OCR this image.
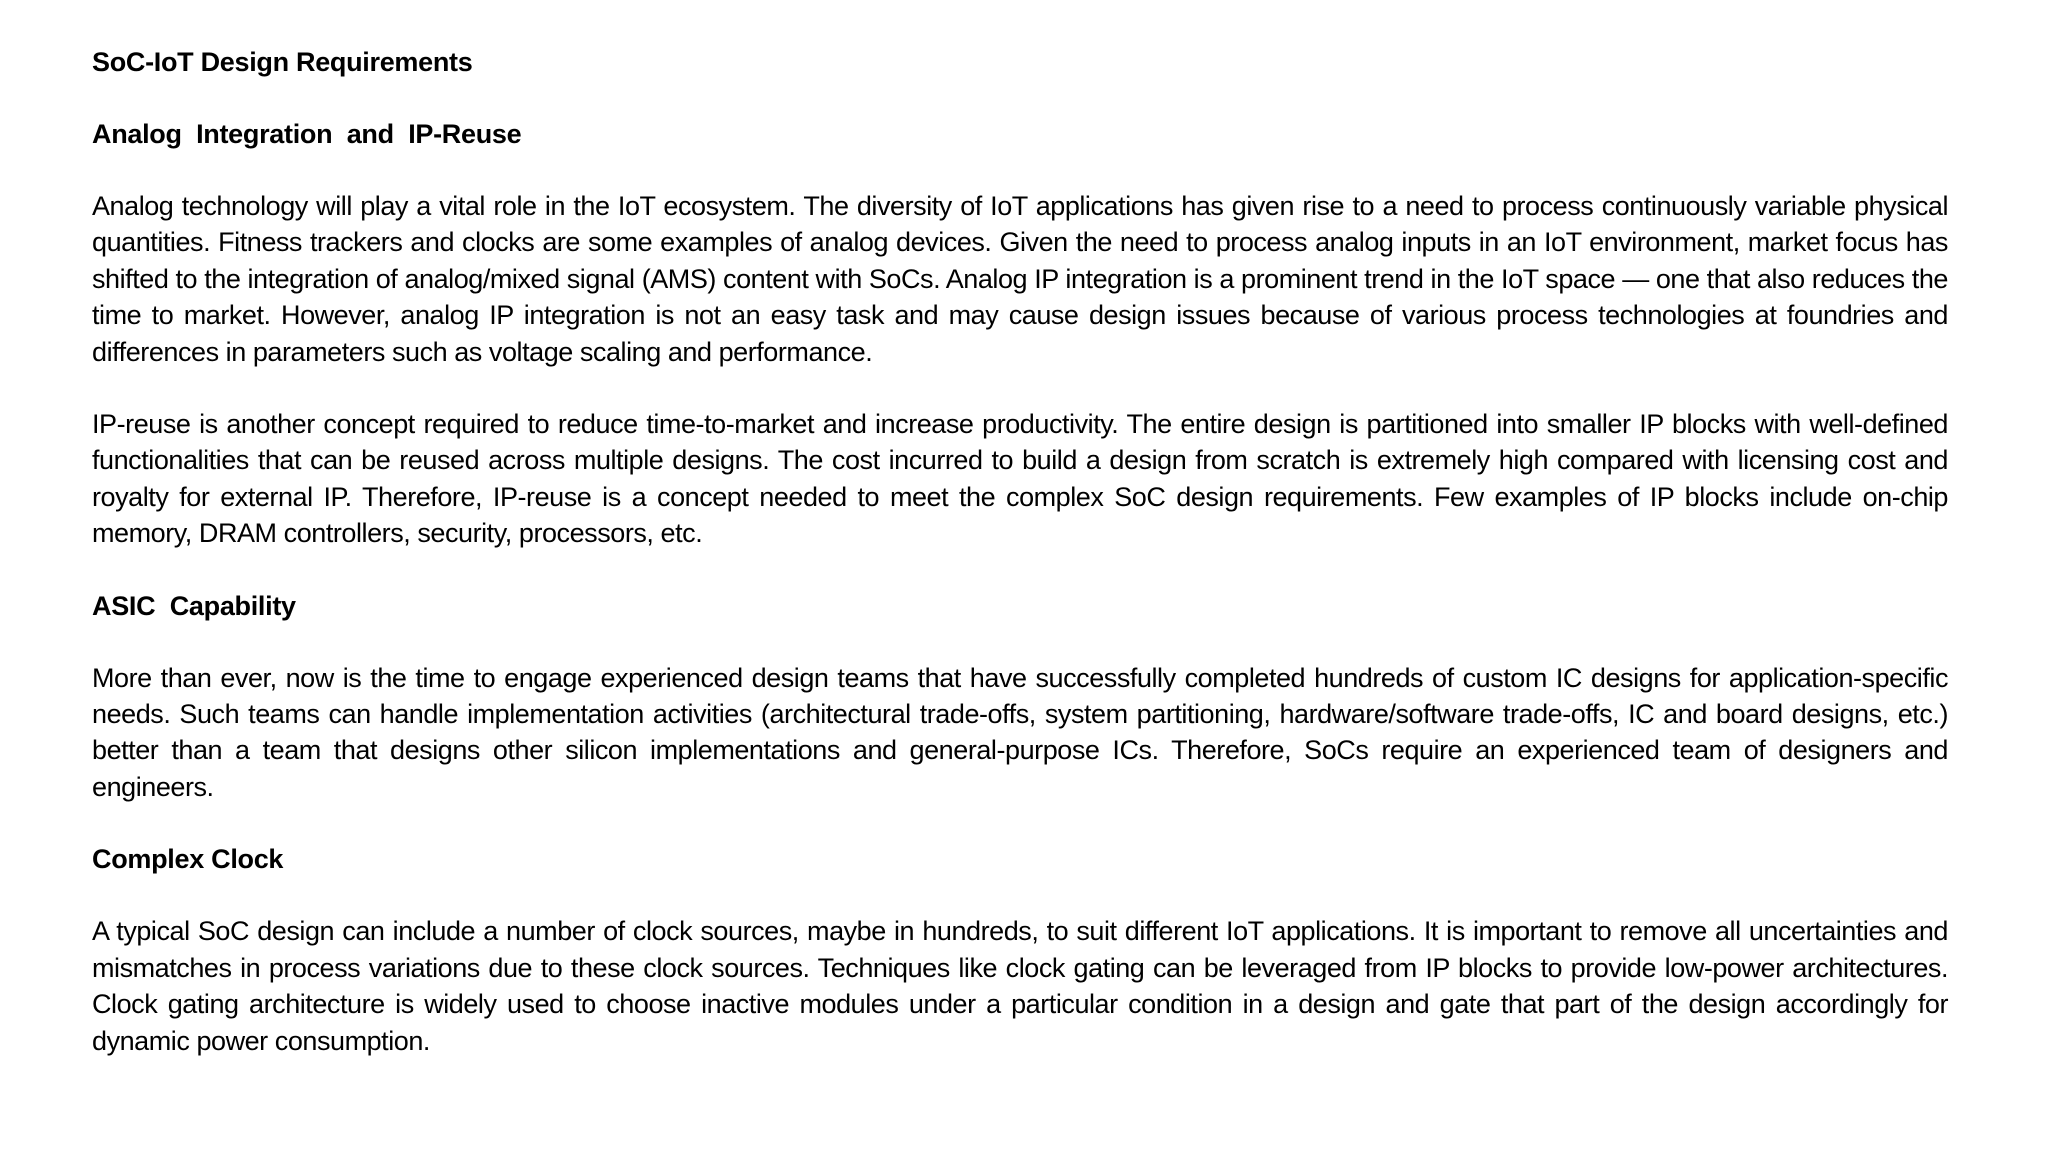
SoC-IoT Design Requirements
Analog  Integration  and  IP-Reuse

Analog technology will play a vital role in the IoT ecosystem. The diversity of IoT applications has given rise to a need to process continuously variable physical quantities. Fitness trackers and clocks are some examples of analog devices. Given the need to process analog inputs in an IoT environment, market focus has shifted to the integration of analog/mixed signal (AMS) content with SoCs. Analog IP integration is a prominent trend in the IoT space — one that also reduces the time to market. However, analog IP integration is not an easy task and may cause design issues because of various process technologies at foundries and differences in parameters such as voltage scaling and performance.

IP-reuse is another concept required to reduce time-to-market and increase productivity. The entire design is partitioned into smaller IP blocks with well-defined functionalities that can be reused across multiple designs. The cost incurred to build a design from scratch is extremely high compared with licensing cost and royalty for external IP. Therefore, IP-reuse is a concept needed to meet the complex SoC design requirements. Few examples of IP blocks include on-chip memory, DRAM controllers, security, processors, etc.

ASIC  Capability

More than ever, now is the time to engage experienced design teams that have successfully completed hundreds of custom IC designs for application-specific needs. Such teams can handle implementation activities (architectural trade-offs, system partitioning, hardware/software trade-offs, IC and board designs, etc.) better than a team that designs other silicon implementations and general-purpose ICs. Therefore, SoCs require an experienced team of designers and engineers.

Complex Clock

A typical SoC design can include a number of clock sources, maybe in hundreds, to suit different IoT applications. It is important to remove all uncertainties and mismatches in process variations due to these clock sources. Techniques like clock gating can be leveraged from IP blocks to provide low-power architectures. Clock gating architecture is widely used to choose inactive modules under a particular condition in a design and gate that part of the design accordingly for dynamic power consumption.
